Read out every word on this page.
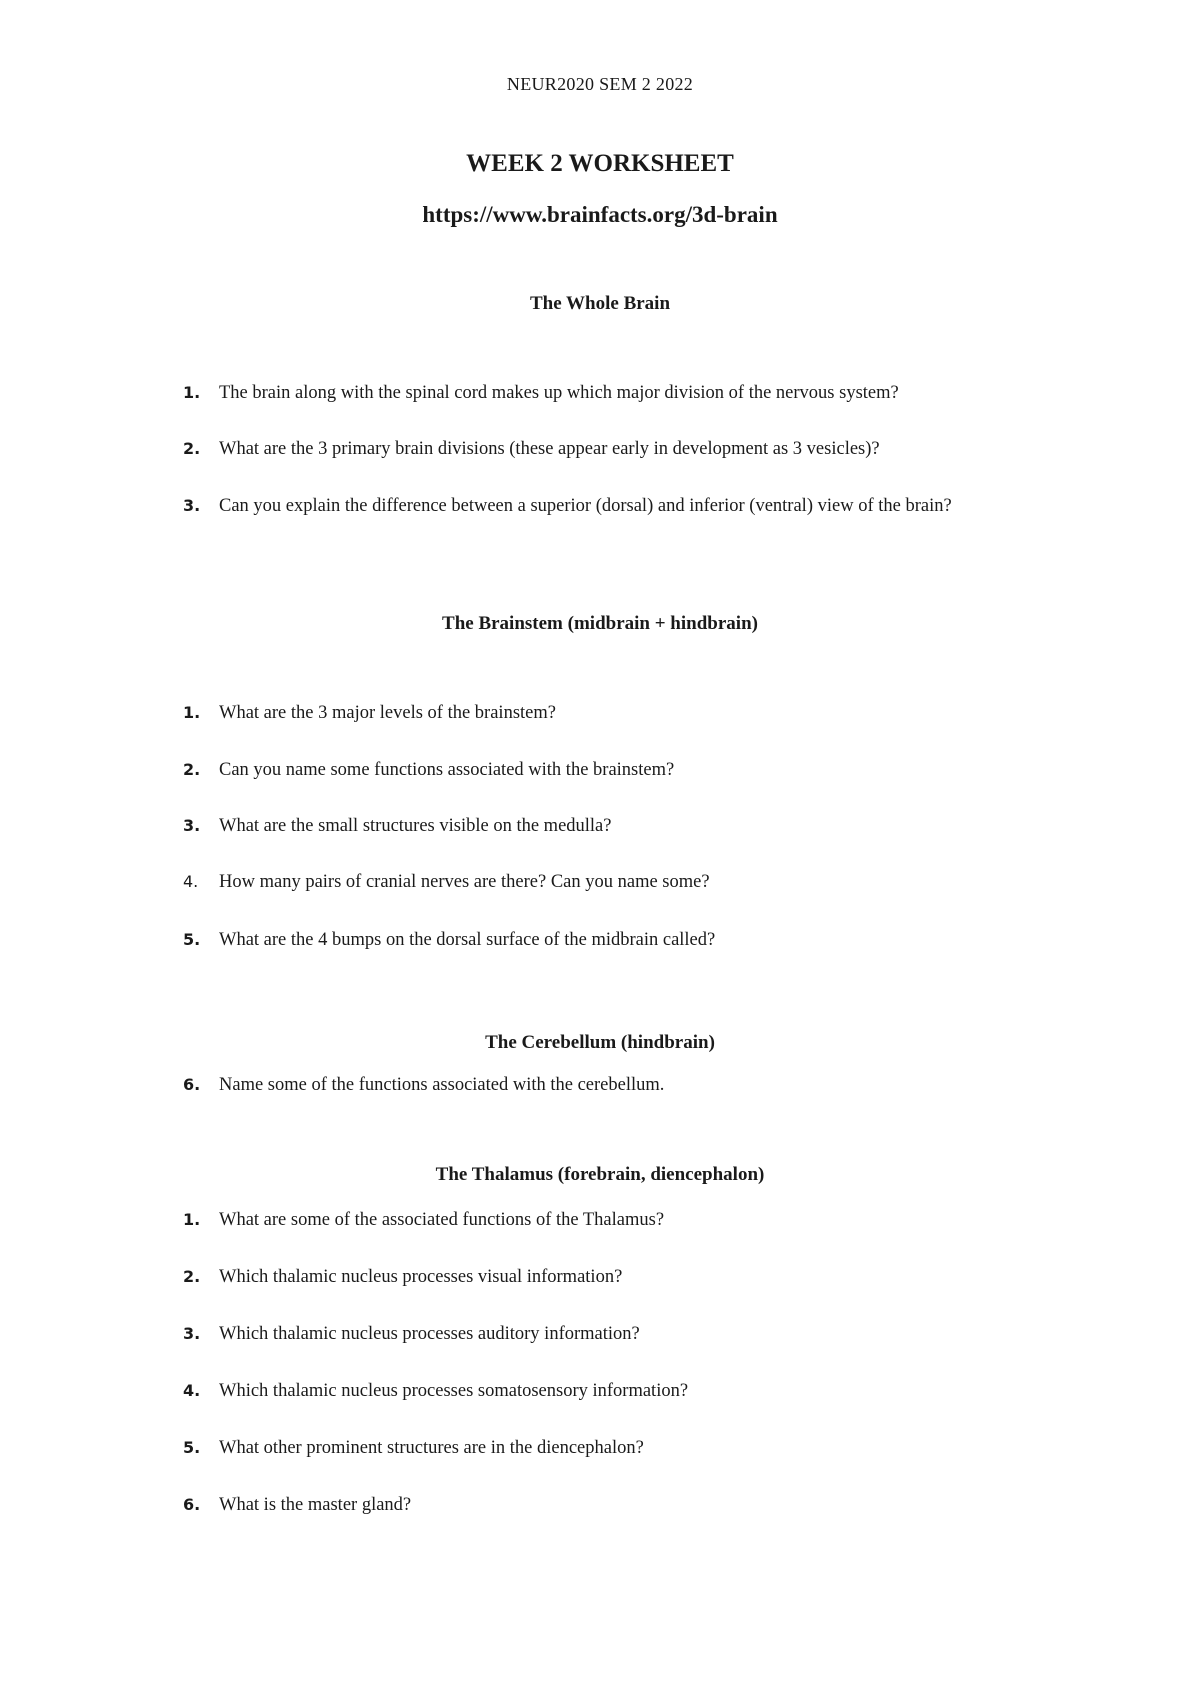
NEUR2020 SEM 2 2022
WEEK 2 WORKSHEET
https://www.brainfacts.org/3d-brain
The Whole Brain
1.	The brain along with the spinal cord makes up which major division of the nervous system?
2.	What are the 3 primary brain divisions (these appear early in development as 3 vesicles)?
3.	Can you explain the difference between a superior (dorsal) and inferior (ventral) view of the brain?
The Brainstem (midbrain + hindbrain)
1.	What are the 3 major levels of the brainstem?
2.	Can you name some functions associated with the brainstem?
3.	What are the small structures visible on the medulla?
4.	How many pairs of cranial nerves are there? Can you name some?
5.	What are the 4 bumps on the dorsal surface of the midbrain called?
The Cerebellum (hindbrain)
6.	Name some of the functions associated with the cerebellum.
The Thalamus (forebrain, diencephalon)
1.	What are some of the associated functions of the Thalamus?
2.	Which thalamic nucleus processes visual information?
3.	Which thalamic nucleus processes auditory information?
4.	Which thalamic nucleus processes somatosensory information?
5.	What other prominent structures are in the diencephalon?
6.	What is the master gland?
